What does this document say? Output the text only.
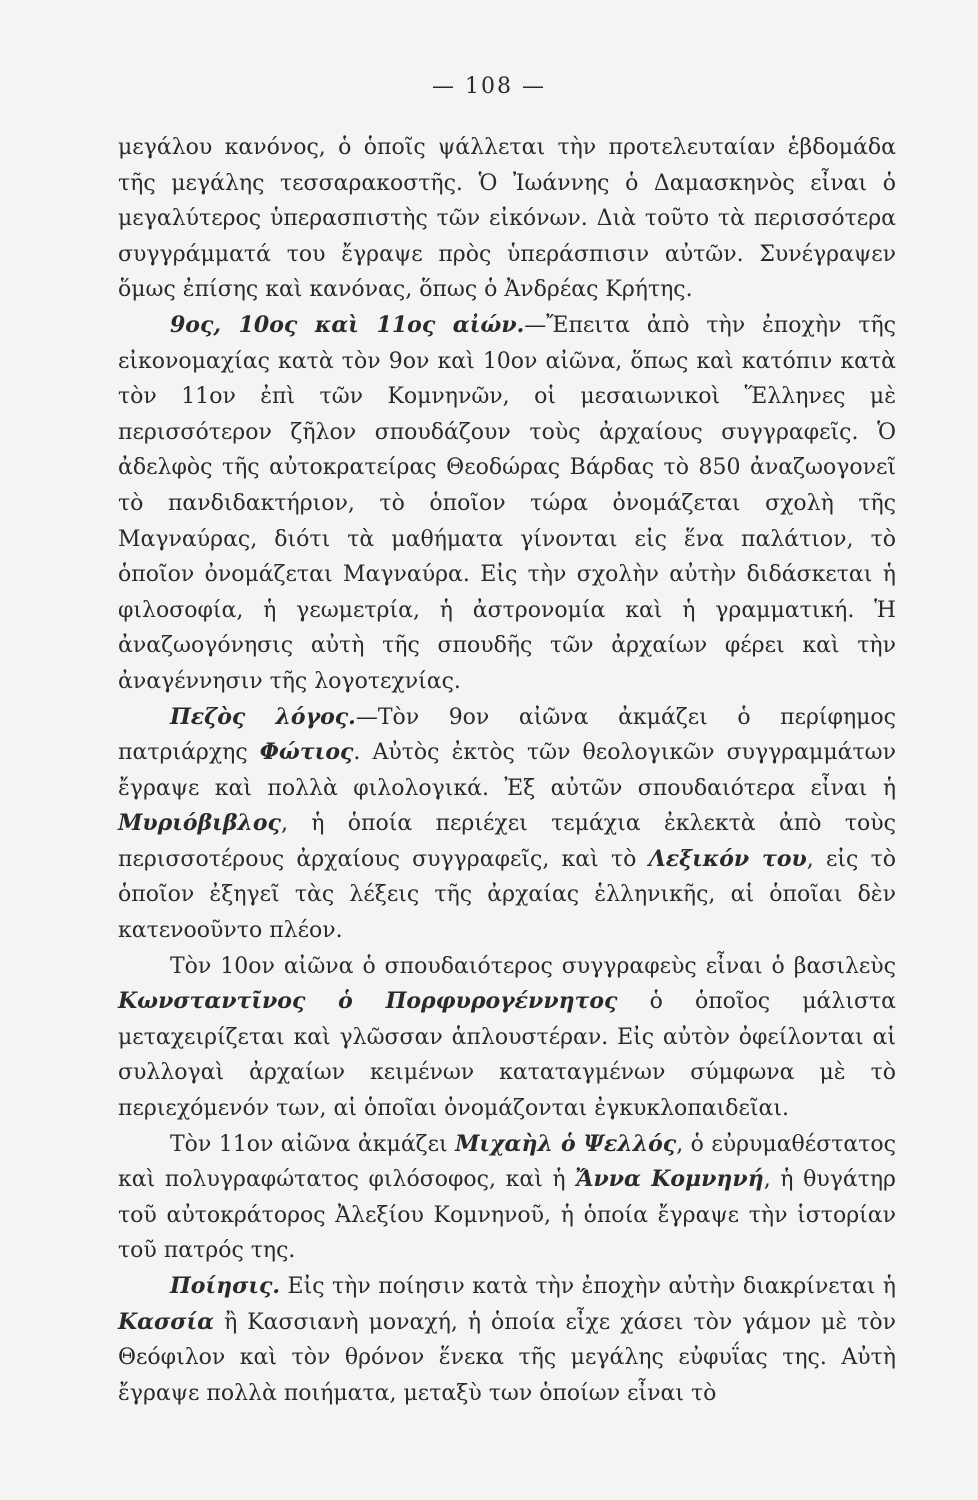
— 108 —

μεγάλου κανόνος, ὁ ὁποῖς ψάλλεται τὴν προτελευταίαν ἑβδομάδα τῆς μεγάλης τεσσαρακοστῆς. Ὁ Ἰωάννης ὁ Δαμασκηνὸς εἶναι ὁ μεγαλύτερος ὑπερασπιστὴς τῶν εἰκόνων. Διὰ τοῦτο τὰ περισσότερα συγγράμματά του ἔγραψε πρὸς ὑπεράσπισιν αὐτῶν. Συνέγραψεν ὅμως ἐπίσης καὶ κανόνας, ὅπως ὁ Ἀνδρέας Κρήτης.

9ος, 10ος καὶ 11ος αἰών.—Ἔπειτα ἀπὸ τὴν ἐποχὴν τῆς εἰκονομαχίας κατὰ τὸν 9ον καὶ 10ον αἰῶνα, ὅπως καὶ κατόπιν κατὰ τὸν 11ον ἐπὶ τῶν Κομνηνῶν, οἱ μεσαιωνικοὶ Ἕλληνες μὲ περισσότερον ζῆλον σπουδάζουν τοὺς ἀρχαίους συγγραφεῖς. Ὁ ἀδελφὸς τῆς αὐτοκρατείρας Θεοδώρας Βάρδας τὸ 850 ἀναζωογονεῖ τὸ πανδιδακτήριον, τὸ ὁποῖον τώρα ὀνομάζεται σχολὴ τῆς Μαγναύρας, διότι τὰ μαθήματα γίνονται εἰς ἕνα παλάτιον, τὸ ὁποῖον ὀνομάζεται Μαγναύρα. Εἰς τὴν σχολὴν αὐτὴν διδάσκεται ἡ φιλοσοφία, ἡ γεωμετρία, ἡ ἀστρονομία καὶ ἡ γραμματική. Ἡ ἀναζωογόνησις αὐτὴ τῆς σπουδῆς τῶν ἀρχαίων φέρει καὶ τὴν ἀναγέννησιν τῆς λογοτεχνίας.

Πεζὸς λόγος.—Τὸν 9ον αἰῶνα ἀκμάζει ὁ περίφημος πατριάρχης Φώτιος. Αὐτὸς ἐκτὸς τῶν θεολογικῶν συγγραμμάτων ἔγραψε καὶ πολλὰ φιλολογικά. Ἐξ αὐτῶν σπουδαιότερα εἶναι ἡ Μυριόβιβλος, ἡ ὁποία περιέχει τεμάχια ἐκλεκτὰ ἀπὸ τοὺς περισσοτέρους ἀρχαίους συγγραφεῖς, καὶ τὸ Λεξικόν του, εἰς τὸ ὁποῖον ἐξηγεῖ τὰς λέξεις τῆς ἀρχαίας ἑλληνικῆς, αἱ ὁποῖαι δὲν κατενοοῦντο πλέον.

Τὸν 10ον αἰῶνα ὁ σπουδαιότερος συγγραφεὺς εἶναι ὁ βασιλεὺς Κωνσταντῖνος ὁ Πορφυρογέννητος ὁ ὁποῖος μάλιστα μεταχειρίζεται καὶ γλῶσσαν ἁπλουστέραν. Εἰς αὐτὸν ὀφείλονται αἱ συλλογαὶ ἀρχαίων κειμένων καταταγμένων σύμφωνα μὲ τὸ περιεχόμενόν των, αἱ ὁποῖαι ὀνομάζονται ἐγκυκλοπαιδεῖαι.

Τὸν 11ον αἰῶνα ἀκμάζει Μιχαὴλ ὁ Ψελλός, ὁ εὐρυμαθέστατος καὶ πολυγραφώτατος φιλόσοφος, καὶ ἡ Ἄννα Κομνηνή, ἡ θυγάτηρ τοῦ αὐτοκράτορος Ἀλεξίου Κομνηνοῦ, ἡ ὁποία ἔγραψε τὴν ἱστορίαν τοῦ πατρός της.

Ποίησις. Εἰς τὴν ποίησιν κατὰ τὴν ἐποχὴν αὐτὴν διακρίνεται ἡ Κασσία ἢ Κασσιανὴ μοναχή, ἡ ὁποία εἶχε χάσει τὸν γάμον μὲ τὸν Θεόφιλον καὶ τὸν θρόνον ἕνεκα τῆς μεγάλης εὐφυΐας της. Αὐτὴ ἔγραψε πολλὰ ποιήματα, μεταξὺ των ὁποίων εἶναι τὸ
